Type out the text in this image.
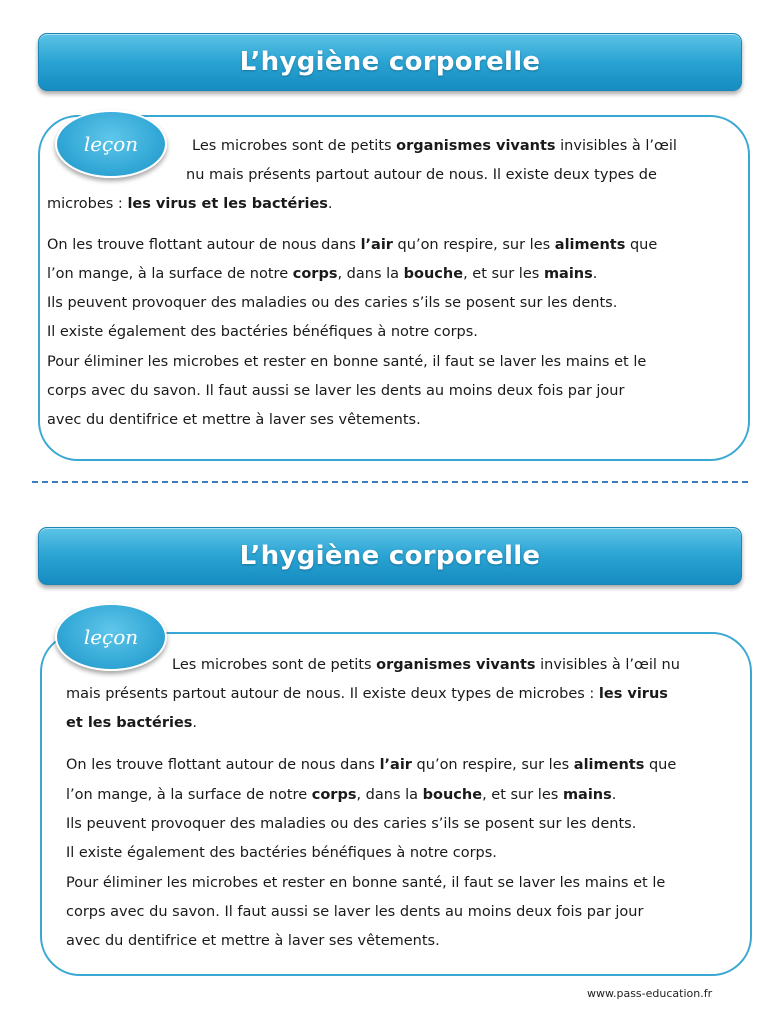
L’hygiène corporelle
leçon	Les microbes sont de petits organismes vivants invisibles à l’œil
nu mais présents partout autour de nous. Il existe deux types de
microbes : les virus et les bactéries.
On les trouve flottant autour de nous dans l’air qu’on respire, sur les aliments que
l’on mange, à la surface de notre corps, dans la bouche, et sur les mains.
Ils peuvent provoquer des maladies ou des caries s’ils se posent sur les dents.
Il existe également des bactéries bénéfiques à notre corps.
Pour éliminer les microbes et rester en bonne santé, il faut se laver les mains et le
corps avec du savon. Il faut aussi se laver les dents au moins deux fois par jour
avec du dentifrice et mettre à laver ses vêtements.
L’hygiène corporelle
leçon
Les microbes sont de petits organismes vivants invisibles à l’œil nu
mais présents partout autour de nous. Il existe deux types de microbes : les virus
et les bactéries.
On les trouve flottant autour de nous dans l’air qu’on respire, sur les aliments que
l’on mange, à la surface de notre corps, dans la bouche, et sur les mains.
Ils peuvent provoquer des maladies ou des caries s’ils se posent sur les dents.
Il existe également des bactéries bénéfiques à notre corps.
Pour éliminer les microbes et rester en bonne santé, il faut se laver les mains et le
corps avec du savon. Il faut aussi se laver les dents au moins deux fois par jour
avec du dentifrice et mettre à laver ses vêtements.
www.pass-education.fr
